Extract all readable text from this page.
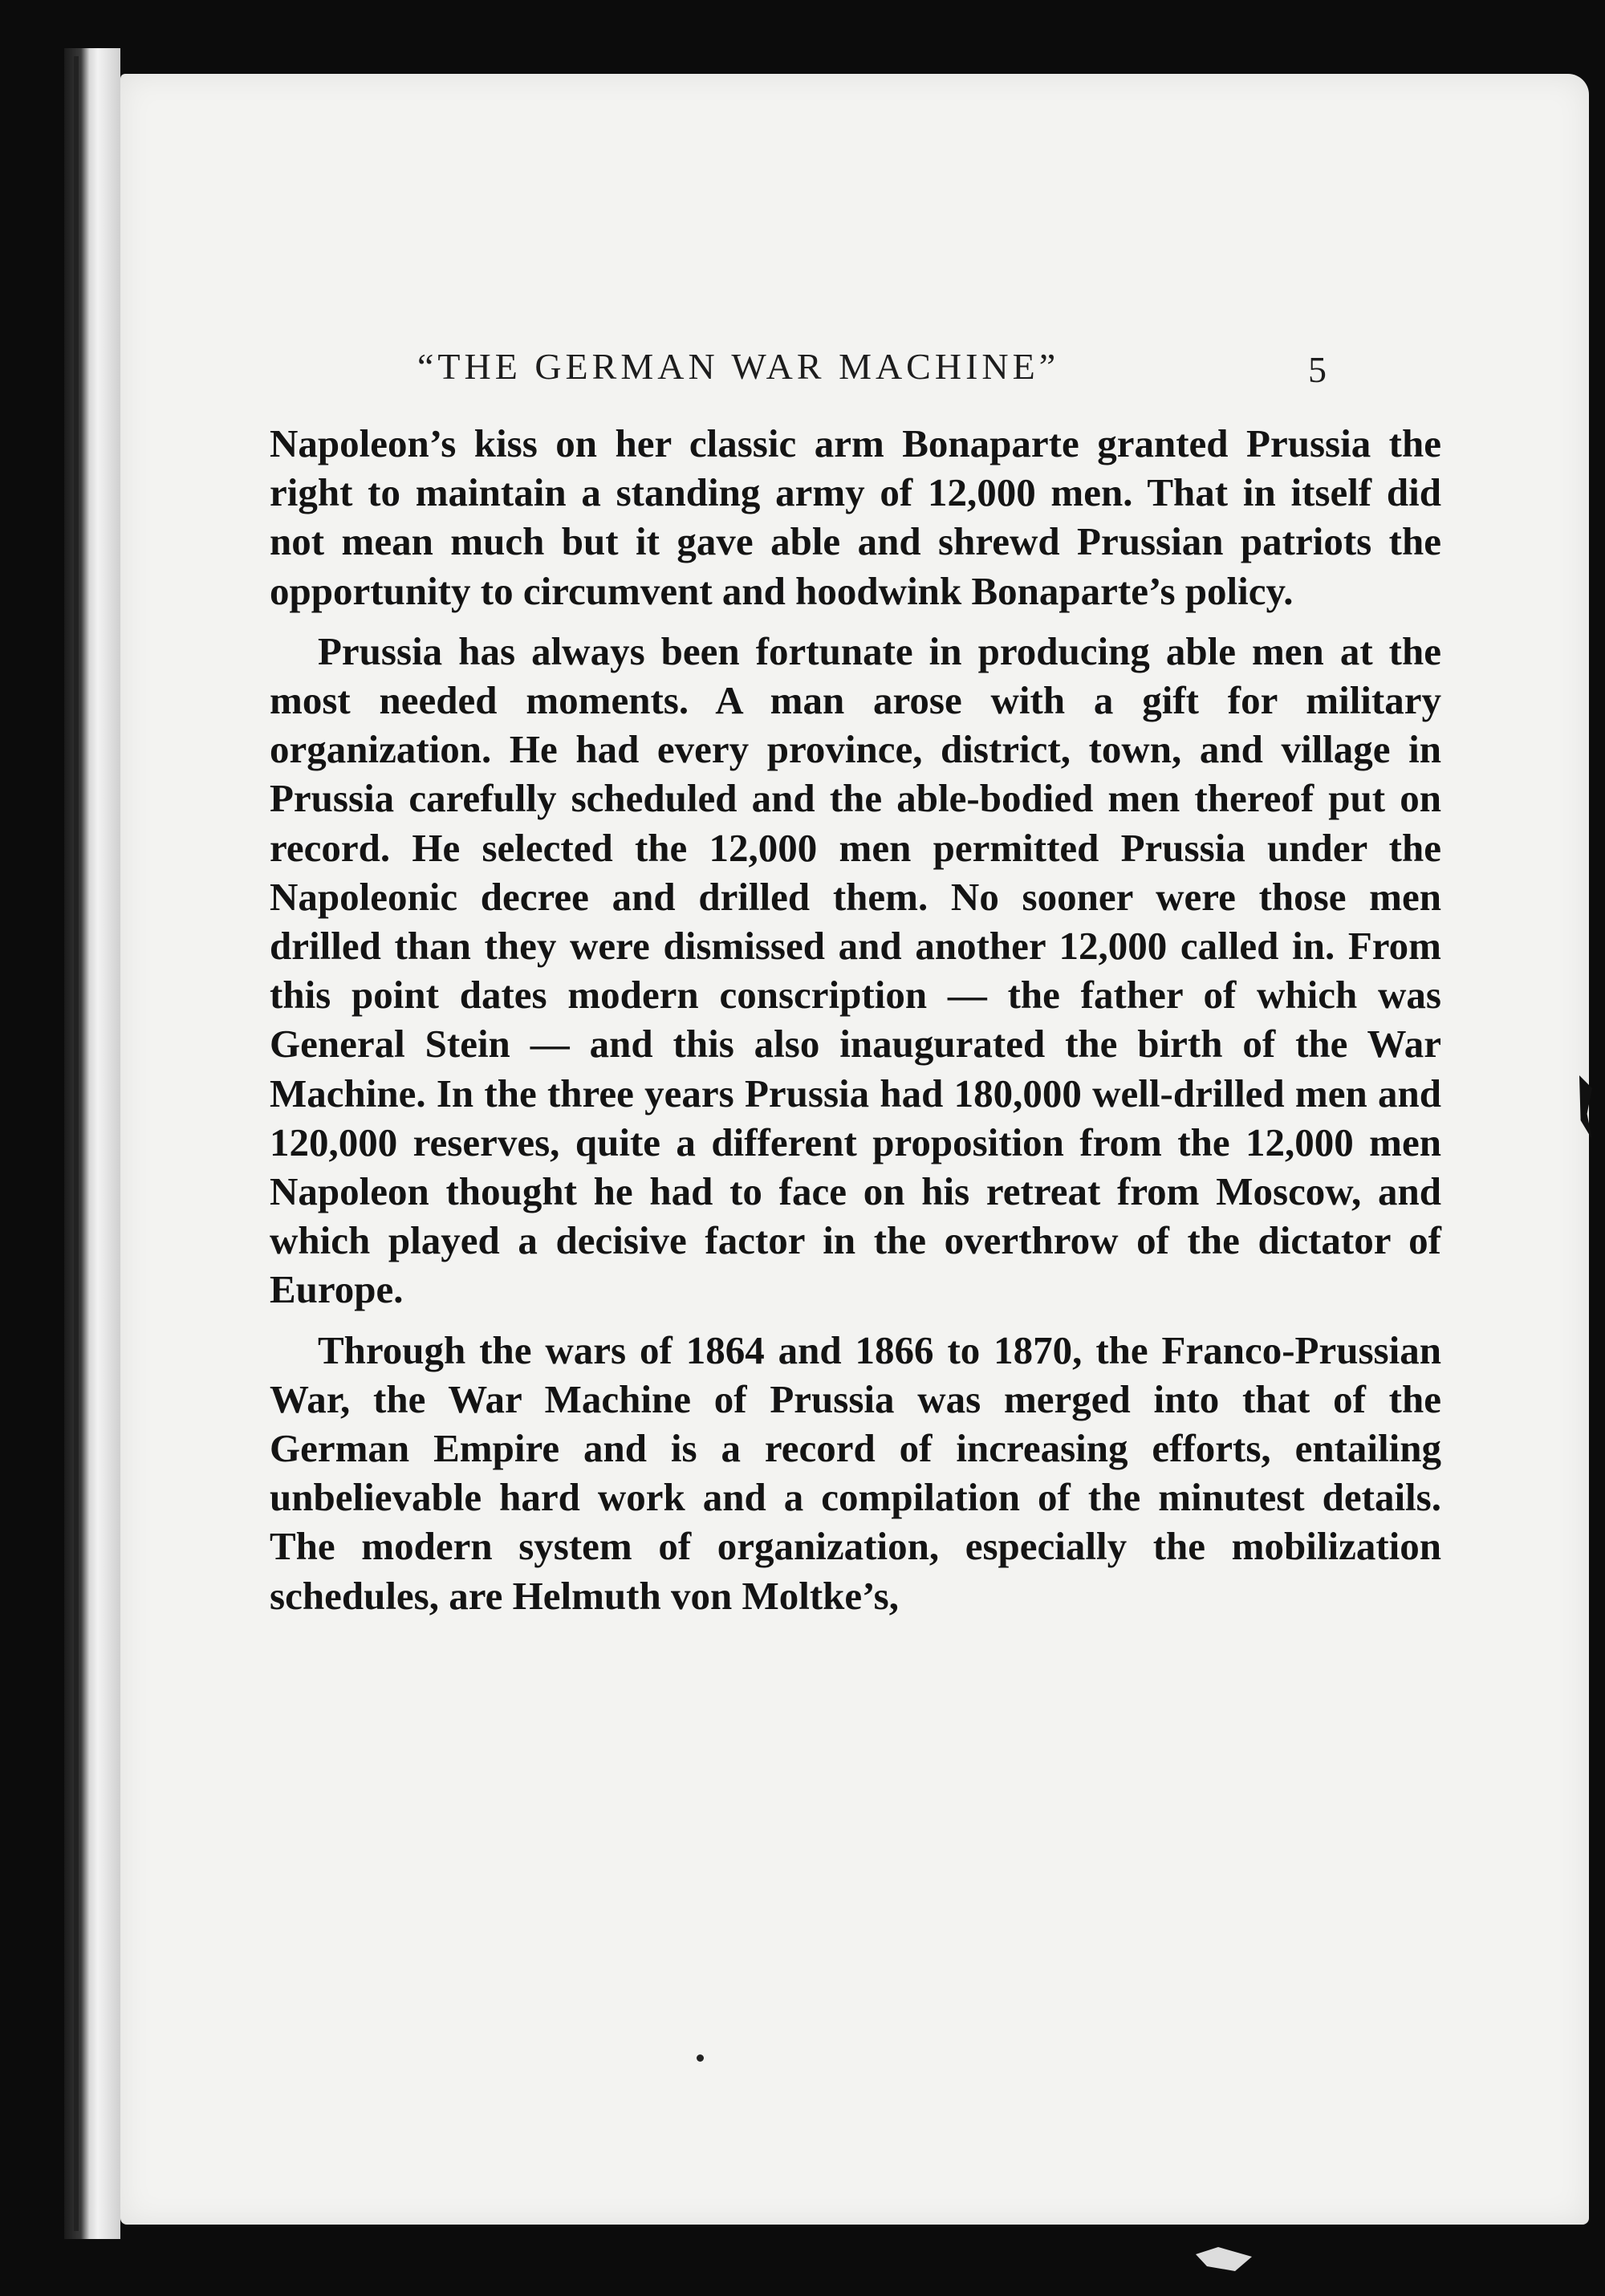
“THE GERMAN WAR MACHINE”	5

Napoleon’s kiss on her classic arm Bonaparte granted Prussia the right to maintain a standing army of 12,000 men. That in itself did not mean much but it gave able and shrewd Prussian patriots the opportunity to circumvent and hoodwink Bonaparte’s policy.

Prussia has always been fortunate in producing able men at the most needed moments. A man arose with a gift for military organization. He had every province, district, town, and village in Prussia carefully scheduled and the able-bodied men thereof put on record. He selected the 12,000 men permitted Prussia under the Napoleonic decree and drilled them. No sooner were those men drilled than they were dismissed and another 12,000 called in. From this point dates modern conscription — the father of which was General Stein — and this also inaugurated the birth of the War Machine. In the three years Prussia had 180,000 well-drilled men and 120,000 reserves, quite a different proposition from the 12,000 men Napoleon thought he had to face on his retreat from Moscow, and which played a decisive factor in the overthrow of the dictator of Europe.

Through the wars of 1864 and 1866 to 1870, the Franco-Prussian War, the War Machine of Prussia was merged into that of the German Empire and is a record of increasing efforts, entailing unbelievable hard work and a compilation of the minutest details. The modern system of organization, especially the mobilization schedules, are Helmuth von Moltke’s,
